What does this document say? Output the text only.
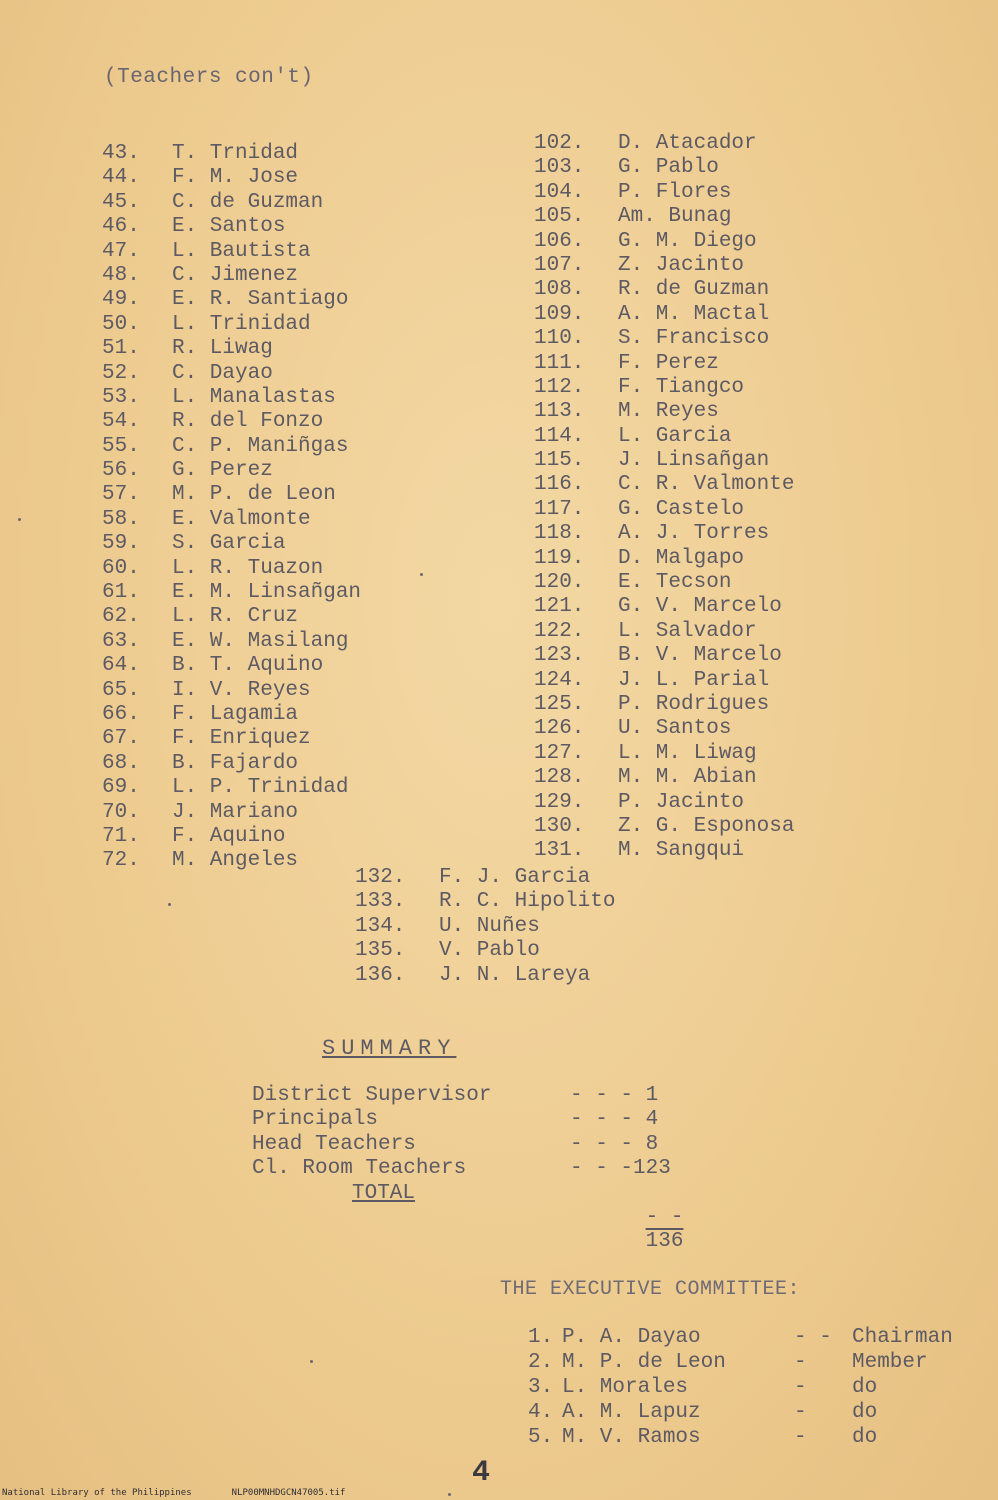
(Teachers con't)
43.	T. Trnidad
44.	F. M. Jose
45.	C. de Guzman
46.	E. Santos
47.	L. Bautista
48.	C. Jimenez
49.	E. R. Santiago
50.	L. Trinidad
51.	R. Liwag
52.	C. Dayao
53.	L. Manalastas
54.	R. del Fonzo
55.	C. P. Maniñgas
56.	G. Perez
57.	M. P. de Leon
58.	E. Valmonte
59.	S. Garcia
60.	L. R. Tuazon
61.	E. M. Linsañgan
62.	L. R. Cruz
63.	E. W. Masilang
64.	B. T. Aquino
65.	I. V. Reyes
66.	F. Lagamia
67.	F. Enriquez
68.	B. Fajardo
69.	L. P. Trinidad
70.	J. Mariano
71.	F. Aquino
72.	M. Angeles
102.	D. Atacador
103.	G. Pablo
104.	P. Flores
105.	Am. Bunag
106.	G. M. Diego
107.	Z. Jacinto
108.	R. de Guzman
109.	A. M. Mactal
110.	S. Francisco
111.	F. Perez
112.	F. Tiangco
113.	M. Reyes
114.	L. Garcia
115.	J. Linsañgan
116.	C. R. Valmonte
117.	G. Castelo
118.	A. J. Torres
119.	D. Malgapo
120.	E. Tecson
121.	G. V. Marcelo
122.	L. Salvador
123.	B. V. Marcelo
124.	J. L. Parial
125.	P. Rodrigues
126.	U. Santos
127.	L. M. Liwag
128.	M. M. Abian
129.	P. Jacinto
130.	Z. G. Esponosa
131.	M. Sangqui
132.	F. J. Garcia
133.	R. C. Hipolito
134.	U. Nuñes
135.	V. Pablo
136.	J. N. Lareya
SUMMARY
District Supervisor	- - - 1
Principals	- - - 4
Head Teachers	- - - 8
Cl. Room Teachers	- - -123
TOTAL

- -
136

THE EXECUTIVE COMMITTEE:
1. P. A. Dayao	- - Chairman
2. M. P. de Leon	-	Member
3. L. Morales	-	do
4. A. M. Lapuz	-	do
5. M. V. Ramos	-	do
4
National Library of the Philippines	NLP00MNHDGCN47005.tif
